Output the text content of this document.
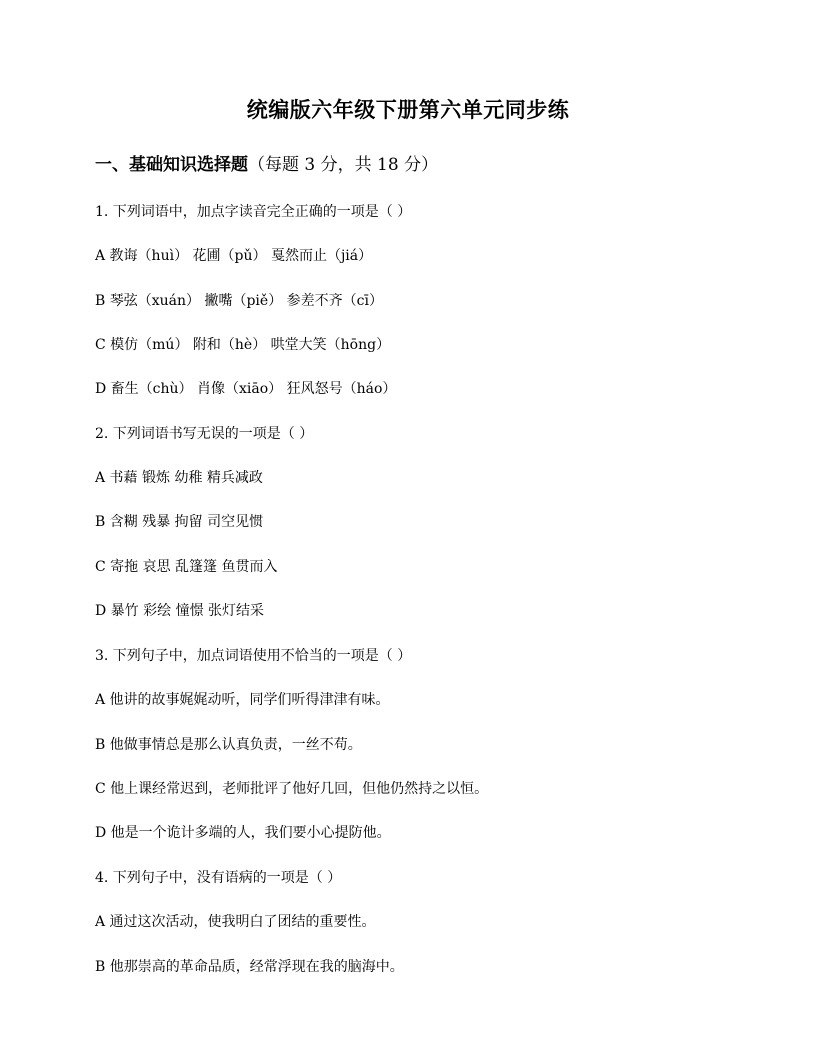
统编版六年级下册第六单元同步练
一、基础知识选择题（每题 3 分，共 18 分）
1. 下列词语中，加点字读音完全正确的一项是（ ）
A 教诲（huì） 花圃（pǔ） 戛然而止（jiá）
B 琴弦（xuán） 撇嘴（piě） 参差不齐（cī）
C 模仿（mú） 附和（hè） 哄堂大笑（hōng）
D 畜生（chù） 肖像（xiāo） 狂风怒号（háo）
2. 下列词语书写无误的一项是（ ）
A 书藉 锻炼 幼稚 精兵减政
B 含糊 残暴 拘留 司空见惯
C 寄拖 哀思 乱篷篷 鱼贯而入
D 暴竹 彩绘 憧憬 张灯结采
3. 下列句子中，加点词语使用不恰当的一项是（ ）
A 他讲的故事娓娓动听，同学们听得津津有味。
B 他做事情总是那么认真负责，一丝不苟。
C 他上课经常迟到，老师批评了他好几回，但他仍然持之以恒。
D 他是一个诡计多端的人，我们要小心提防他。
4. 下列句子中，没有语病的一项是（ ）
A 通过这次活动，使我明白了团结的重要性。
B 他那崇高的革命品质，经常浮现在我的脑海中。
